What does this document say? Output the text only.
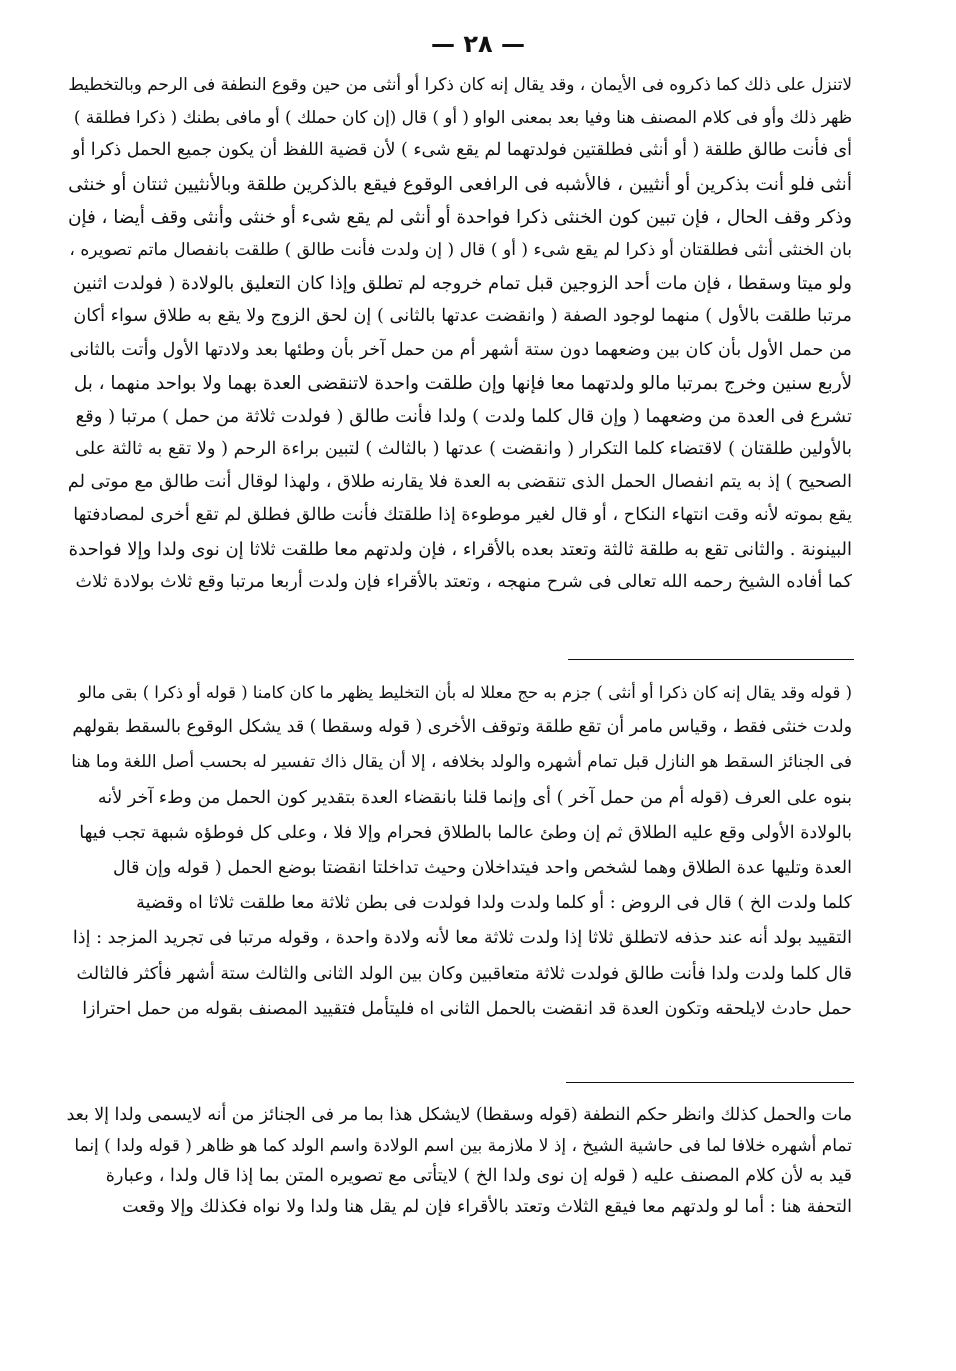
— ٢٨ —
لاتنزل على ذلك كما ذكروه فى الأيمان ، وقد يقال إنه كان ذكرا أو أنثى من حين وقوع النطفة فى الرحم وبالتخطيط
ظهر ذلك وأو فى كلام المصنف هنا وفيا بعد بمعنى الواو ( أو ) قال (إن كان حملك ) أو مافى بطنك ( ذكرا فطلقة )
أى فأنت طالق طلقة ( أو أنثى فطلقتين فولدتهما لم يقع شىء ) لأن قضية اللفظ أن يكون جميع الحمل ذكرا أو
أنثى فلو أنت بذكرين أو أنثيين ، فالأشبه فى الرافعى الوقوع فيقع بالذكرين طلقة وبالأنثيين ثنتان أو خنثى
وذكر وقف الحال ، فإن تبين كون الخنثى ذكرا فواحدة أو أنثى لم يقع شىء أو خنثى وأنثى وقف أيضا ، فإن
بان الخنثى أنثى فطلقتان أو ذكرا لم يقع شىء ( أو ) قال ( إن ولدت فأنت طالق ) طلقت بانفصال ماتم تصويره ،
ولو ميتا وسقطا ، فإن مات أحد الزوجين قبل تمام خروجه لم تطلق وإذا كان التعليق بالولادة ( فولدت اثنين
مرتبا طلقت بالأول ) منهما لوجود الصفة ( وانقضت عدتها بالثانى ) إن لحق الزوج ولا يقع به طلاق سواء أكان
من حمل الأول بأن كان بين وضعهما دون ستة أشهر أم من حمل آخر بأن وطئها بعد ولادتها الأول وأتت بالثانى
لأربع سنين وخرج بمرتبا مالو ولدتهما معا فإنها وإن طلقت واحدة لاتنقضى العدة بهما ولا بواحد منهما ، بل
تشرع فى العدة من وضعهما ( وإن قال كلما ولدت ) ولدا فأنت طالق ( فولدت ثلاثة من حمل ) مرتبا ( وقع
بالأولين طلقتان ) لاقتضاء كلما التكرار ( وانقضت ) عدتها ( بالثالث ) لتبين براءة الرحم ( ولا تقع به ثالثة على
الصحيح ) إذ به يتم انفصال الحمل الذى تنقضى به العدة فلا يقارنه طلاق ، ولهذا لوقال أنت طالق مع موتى لم
يقع بموته لأنه وقت انتهاء النكاح ، أو قال لغير موطوءة إذا طلقتك فأنت طالق فطلق لم تقع أخرى لمصادفتها
البينونة . والثانى تقع به طلقة ثالثة وتعتد بعده بالأقراء ، فإن ولدتهم معا طلقت ثلاثا إن نوى ولدا وإلا فواحدة
كما أفاده الشيخ رحمه الله تعالى فى شرح منهجه ، وتعتد بالأقراء فإن ولدت أربعا مرتبا وقع ثلاث بولادة ثلاث
( قوله وقد يقال إنه كان ذكرا أو أنثى ) جزم به حج معللا له بأن التخليط يظهر ما كان كامنا ( قوله أو ذكرا ) بقى مالو
ولدت خنثى فقط ، وقياس مامر أن تقع طلقة وتوقف الأخرى ( قوله وسقطا ) قد يشكل الوقوع بالسقط بقولهم
فى الجنائز السقط هو النازل قبل تمام أشهره والولد بخلافه ، إلا أن يقال ذاك تفسير له بحسب أصل اللغة وما هنا
بنوه على العرف (قوله أم من حمل آخر ) أى وإنما قلنا بانقضاء العدة بتقدير كون الحمل من وطء آخر لأنه
بالولادة الأولى وقع عليه الطلاق ثم إن وطئ عالما بالطلاق فحرام وإلا فلا ، وعلى كل فوطؤه شبهة تجب فيها
العدة وتليها عدة الطلاق وهما لشخص واحد فيتداخلان وحيث تداخلتا انقضتا بوضع الحمل ( قوله وإن قال
كلما ولدت الخ ) قال فى الروض : أو كلما ولدت ولدا فولدت فى بطن ثلاثة معا طلقت ثلاثا اه وقضية
التقييد بولد أنه عند حذفه لاتطلق ثلاثا إذا ولدت ثلاثة معا لأنه ولادة واحدة ، وقوله مرتبا فى تجريد المزجد : إذا
قال كلما ولدت ولدا فأنت طالق فولدت ثلاثة متعاقبين وكان بين الولد الثانى والثالث ستة أشهر فأكثر فالثالث
حمل حادث لايلحقه وتكون العدة قد انقضت بالحمل الثانى اه فليتأمل فتقييد المصنف بقوله من حمل احترازا
مات والحمل كذلك وانظر حكم النطفة (قوله وسقطا) لايشكل هذا بما مر فى الجنائز من أنه لايسمى ولدا إلا بعد
تمام أشهره خلافا لما فى حاشية الشيخ ، إذ لا ملازمة بين اسم الولادة واسم الولد كما هو ظاهر ( قوله ولدا ) إنما
قيد به لأن كلام المصنف عليه ( قوله إن نوى ولدا الخ ) لايتأتى مع تصويره المتن بما إذا قال ولدا ، وعبارة
التحفة هنا : أما لو ولدتهم معا فيقع الثلاث وتعتد بالأقراء فإن لم يقل هنا ولدا ولا نواه فكذلك وإلا وقعت
